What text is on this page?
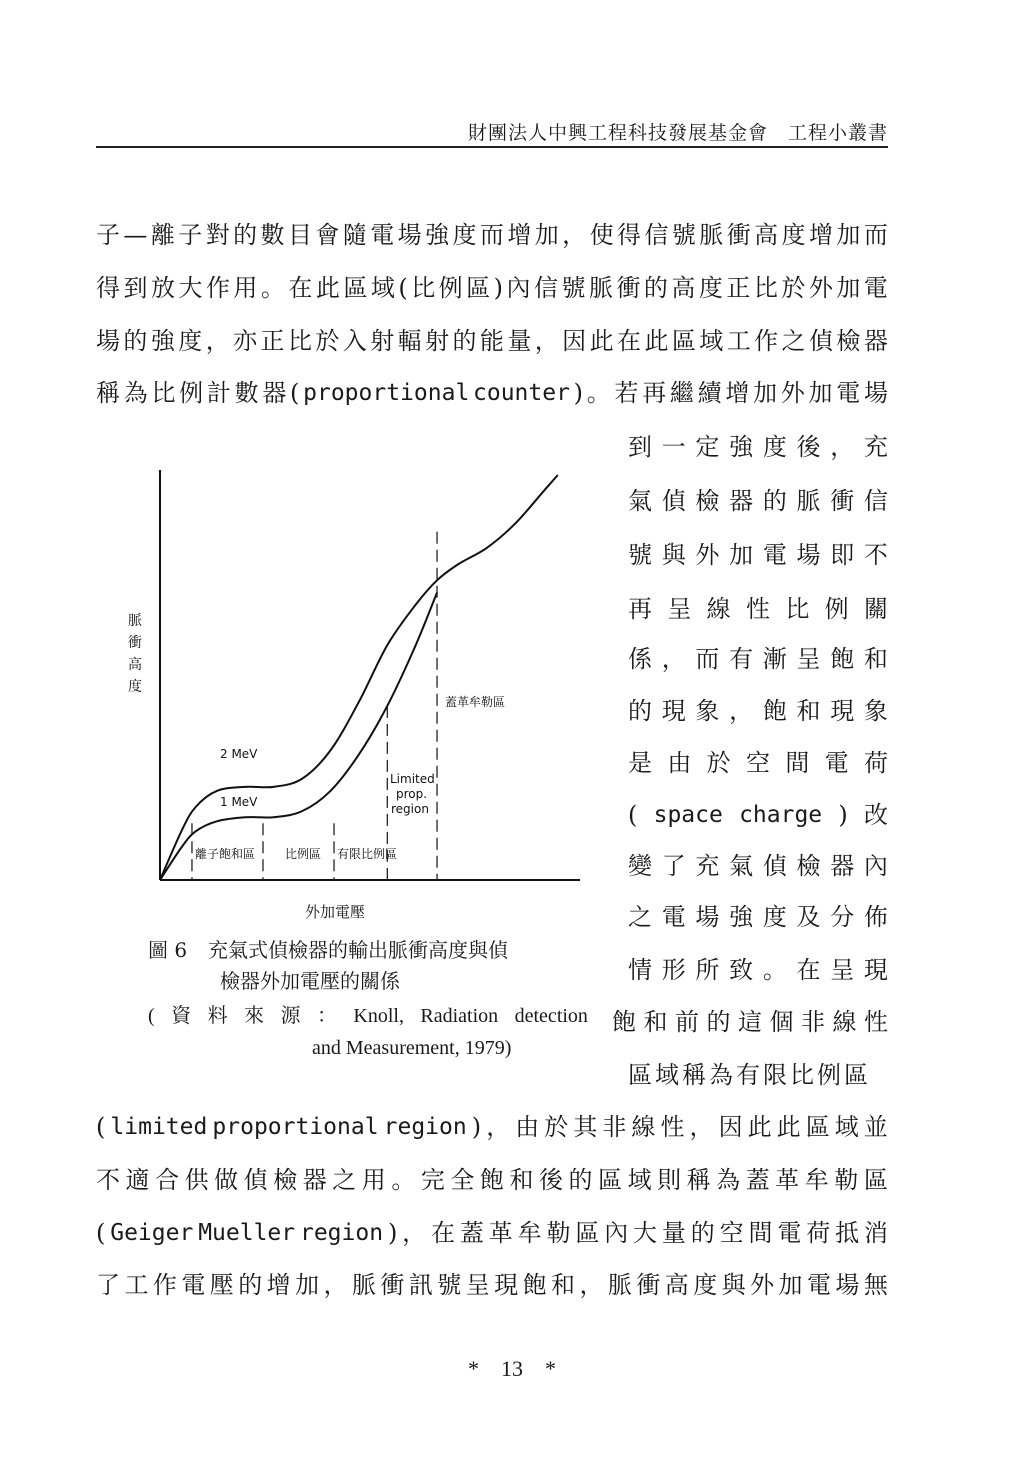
財團法人中興工程科技發展基金會　工程小叢書
子 — 離 子 對 的 數 目 會 隨 電 場 強 度 而 增 加 ， 使 得 信 號 脈 衝 高 度 增 加 而
得 到 放 大 作 用 。 在 此 區 域 ( 比 例 區 ) 內 信 號 脈 衝 的 高 度 正 比 於 外 加 電
場 的 強 度 ， 亦 正 比 於 入 射 輻 射 的 能 量 ， 因 此 在 此 區 域 工 作 之 偵 檢 器
稱 為 比 例 計 數 器 ( proportional counter ) 。 若 再 繼 續 增 加 外 加 電 場
到 一 定 強 度 後 ， 充
氣 偵 檢 器 的 脈 衝 信
號 與 外 加 電 場 即 不
再 呈 線 性 比 例 關
係 ， 而 有 漸 呈 飽 和
的 現 象 ， 飽 和 現 象
是 由 於 空 間 電 荷
( space charge ) 改
變 了 充 氣 偵 檢 器 內
之 電 場 強 度 及 分 佈
情 形 所 致 。 在 呈 現
飽 和 前 的 這 個 非 線 性
區域稱為有限比例區
( limited proportional region ) ， 由 於 其 非 線 性 ， 因 此 此 區 域 並
不 適 合 供 做 偵 檢 器 之 用 。 完 全 飽 和 後 的 區 域 則 稱 為 蓋 革 牟 勒 區
( Geiger Mueller region ) ， 在 蓋 革 牟 勒 區 內 大 量 的 空 間 電 荷 抵 消
了 工 作 電 壓 的 增 加 ， 脈 衝 訊 號 呈 現 飽 和 ， 脈 衝 高 度 與 外 加 電 場 無
脈
衝
高
度
外加電壓
離子飽和區	比例區 有限比例區
蓋革牟勒區
2 MeV
1 MeV
Limited
prop.
region
圖 6	充氣式偵檢器的輸出脈衝高度與偵
檢器外加電壓的關係
( 資 料 來 源 ： Knoll, Radiation detection
and Measurement, 1979)
*　13　*
